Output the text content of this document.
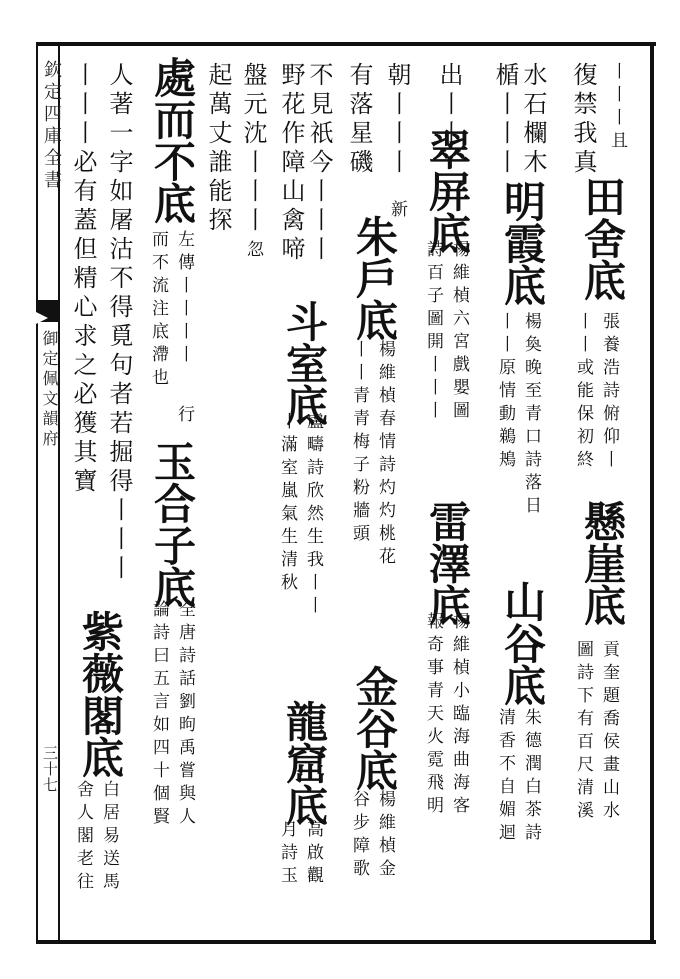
欽定四庫全書
御定佩文韻府
三十七
丨丨丨且
復禁我真
田舍底
張養浩詩俯仰丨
丨丨或能保初終
懸崖底
貢奎題喬侯畫山水
圖詩下有百尺清溪
水石欄木
楯丨丨丨
明霞底
楊奐晚至青口詩落日
丨丨原情動鵜鴂
山谷底
朱德潤白茶詩
清香不自媚迴
出丨丨
翠屏底
楊維楨六宮戲嬰圖
詩百子圖開丨丨丨
雷澤底
楊維楨小臨海曲海客
報奇事青天火霓飛明
朝丨丨丨
新
朱戶底
楊維楨春情詩灼灼桃花
有落星磯
丨丨青青梅子粉牆頭
金谷底
楊維楨金
谷步障歌
不見祇今丨丨丨
斗室底
盧疇詩欣然生我丨丨
丨滿室嵐氣生清秋
龍窟底
高啟觀
月詩玉
野花作障山禽啼
盤元沈丨丨丨
忽
起萬丈誰能探
處而不底
左傳丨丨丨丨
行
而不流注底滯也
玉合子底
全唐詩話劉昫禹嘗與人
論詩曰五言如四十個賢
人著一字如屠沽不得覓句者若掘得丨丨丨
丨丨丨必有蓋但精心求之必獲其寶
紫薇閣底
白居易送馬
舍人閣老往
